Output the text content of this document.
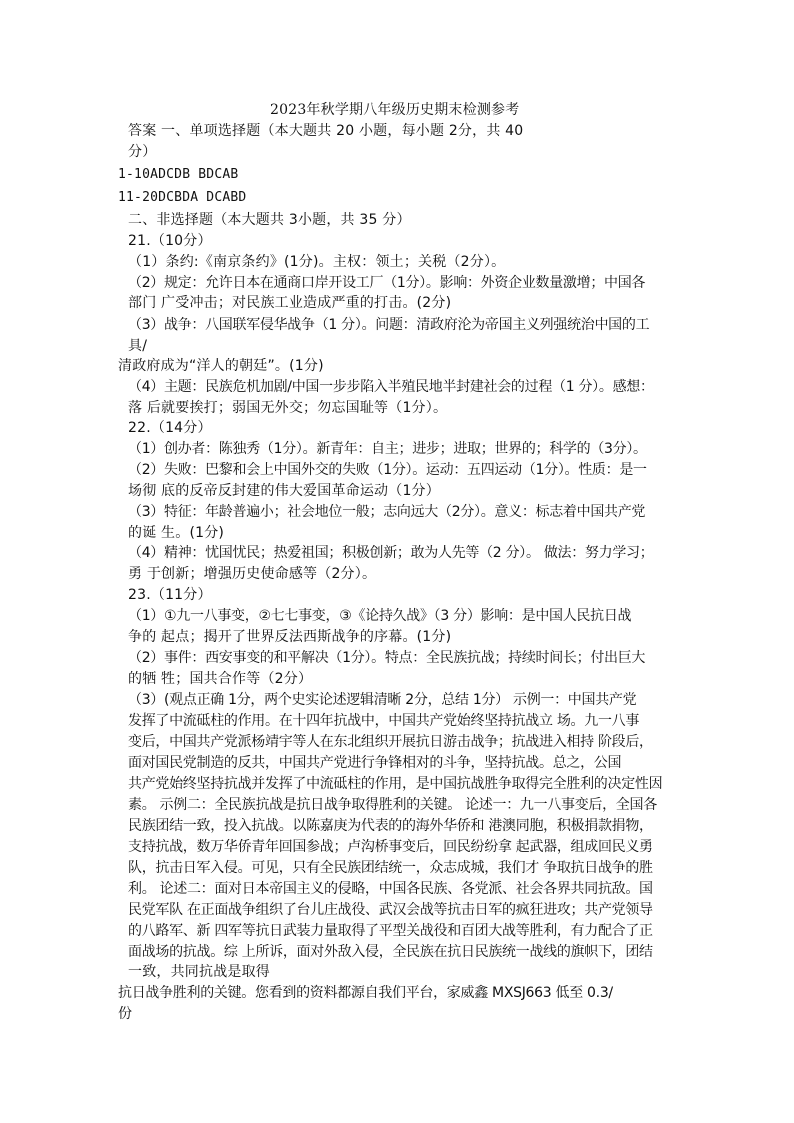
2023年秋学期八年级历史期末检测参考
答案 一、单项选择题（本大题共 20 小题，每小题 2分，共 40
分）
1-10ADCDB BDCAB
11-20DCBDA DCABD
二、非选择题（本大题共 3小题，共 35 分）
21.（10分）
（1）条约:《南京条约》(1分)。主权：领土；关税（2分）。
（2）规定：允许日本在通商口岸开设工厂（1分）。影响：外资企业数量激增；中国各
部门 广受冲击；对民族工业造成严重的打击。(2分)
（3）战争：八国联军侵华战争（1 分）。问题：清政府沦为帝国主义列强统治中国的工
具/
清政府成为“洋人的朝廷”。(1分)
（4）主题：民族危机加剧/中国一步步陷入半殖民地半封建社会的过程（1 分）。感想：
落 后就要挨打；弱国无外交；勿忘国耻等（1分）。
22.（14分）
（1）创办者：陈独秀（1分）。新青年：自主；进步；进取；世界的；科学的（3分）。
（2）失败：巴黎和会上中国外交的失败（1分）。运动：五四运动（1分）。性质：是一
场彻 底的反帝反封建的伟大爱国革命运动（1分）
（3）特征：年龄普遍小；社会地位一般；志向远大（2分）。意义：标志着中国共产党
的诞 生。(1分)
（4）精神：忧国忧民；热爱祖国；积极创新；敢为人先等（2 分）。 做法：努力学习；
勇 于创新；增强历史使命感等（2分）。
23.（11分）
（1）①九一八事变，②七七事变，③《论持久战》（3 分）影响：是中国人民抗日战
争的 起点；揭开了世界反法西斯战争的序幕。(1分)
（2）事件：西安事变的和平解决（1分）。特点：全民族抗战；持续时间长；付出巨大
的牺 牲；国共合作等（2分）
（3）(观点正确 1分，两个史实论述逻辑清晰 2分，总结 1分） 示例一：中国共产党
发挥了中流砥柱的作用。在十四年抗战中，中国共产党始终坚持抗战立 场。九一八事
变后，中国共产党派杨靖宇等人在东北组织开展抗日游击战争；抗战进入相持 阶段后，
面对国民党制造的反共，中国共产党进行争锋相对的斗争，坚持抗战。总之，公国
共产党始终坚持抗战并发挥了中流砥柱的作用，是中国抗战胜争取得完全胜利的决定性因
素。 示例二：全民族抗战是抗日战争取得胜利的关键。 论述一：九一八事变后，全国各
民族团结一致，投入抗战。以陈嘉庚为代表的的海外华侨和 港澳同胞，积极捐款捐物，
支持抗战，数万华侨青年回国参战；卢沟桥事变后，回民纷纷拿 起武器，组成回民义勇
队，抗击日军入侵。可见，只有全民族团结统一，众志成城，我们才 争取抗日战争的胜
利。 论述二：面对日本帝国主义的侵略，中国各民族、各党派、社会各界共同抗敌。国
民党军队 在正面战争组织了台儿庄战役、武汉会战等抗击日军的疯狂进攻；共产党领导
的八路军、新 四军等抗日武装力量取得了平型关战役和百团大战等胜利，有力配合了正
面战场的抗战。综 上所诉，面对外敌入侵，全民族在抗日民族统一战线的旗帜下，团结
一致，共同抗战是取得
抗日战争胜利的关键。您看到的资料都源自我们平台，家威鑫 MXSJ663 低至 0.3/
份
